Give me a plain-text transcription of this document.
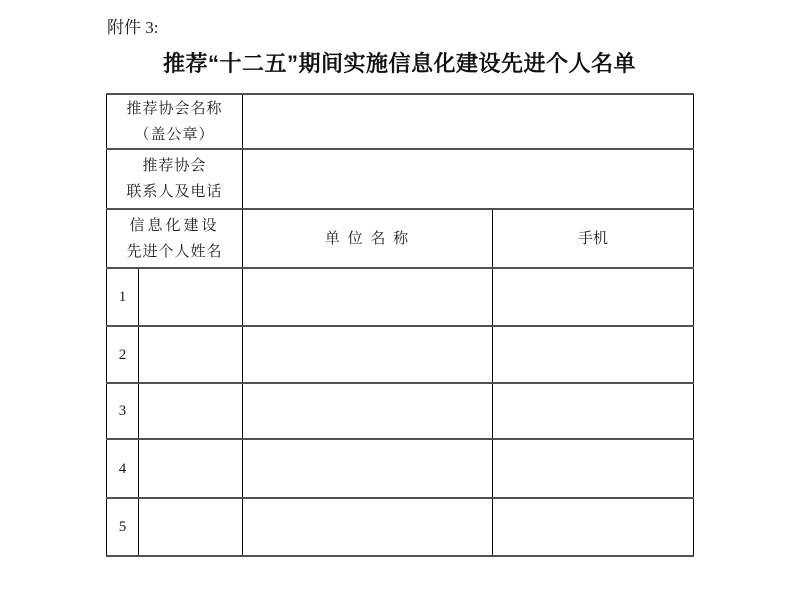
附件 3:
推荐“十二五”期间实施信息化建设先进个人名单
推荐协会名称
（盖公章）			

推荐协会
联系人及电话			

信息化建设
先进个人姓名		单 位 名 称	手机
1			
2			
3			
4			
5			
